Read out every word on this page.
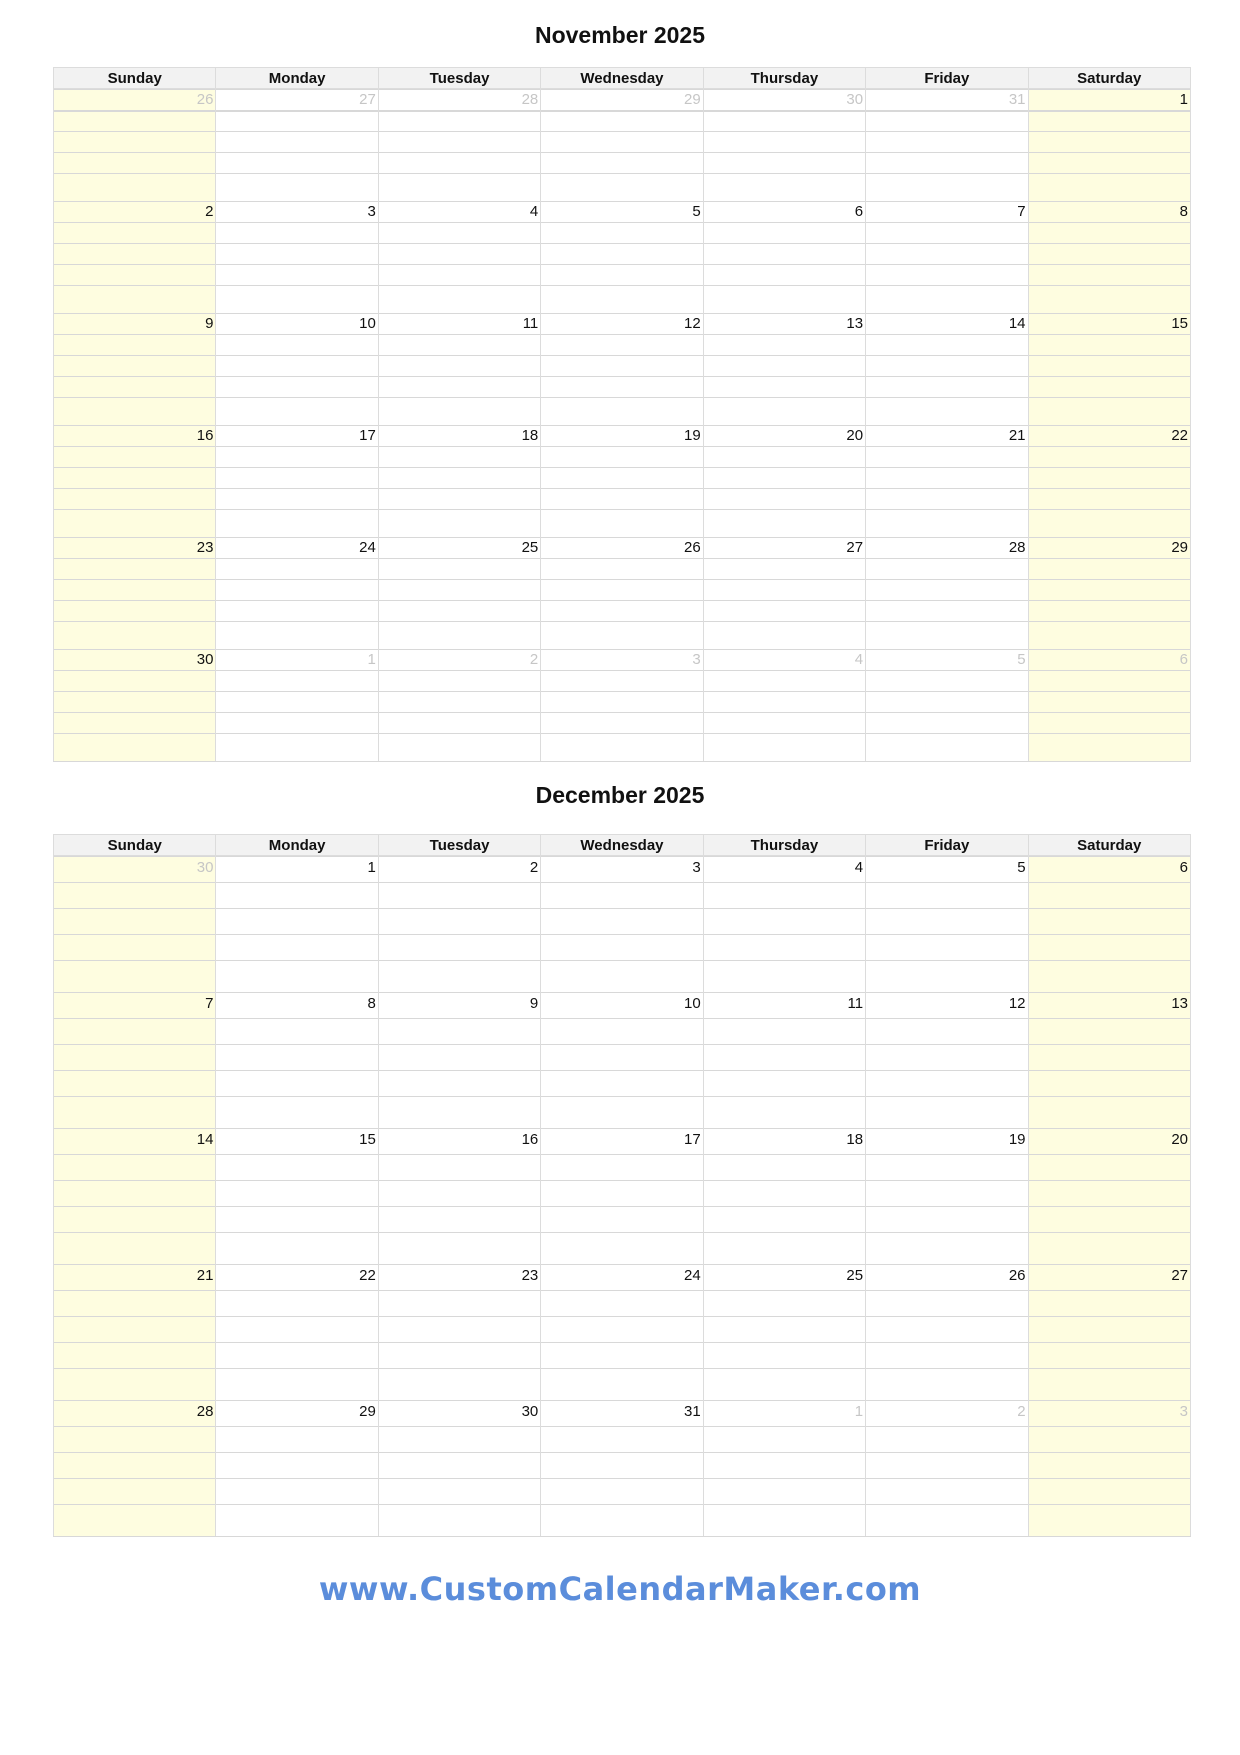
November 2025
Sunday	Monday	Tuesday	Wednesday	Thursday	Friday	Saturday

26	27	28	29	30	31	1

2	3	4	5	6	7	8

9	10	11	12	13	14	15

16	17	18	19	20	21	22

23	24	25	26	27	28	29

30	1	2	3	4	5	6
December 2025
Sunday	Monday	Tuesday	Wednesday	Thursday	Friday	Saturday

30	1	2	3	4	5	6

7	8	9	10	11	12	13

14	15	16	17	18	19	20

21	22	23	24	25	26	27

28	29	30	31	1	2	3
www.CustomCalendarMaker.com
